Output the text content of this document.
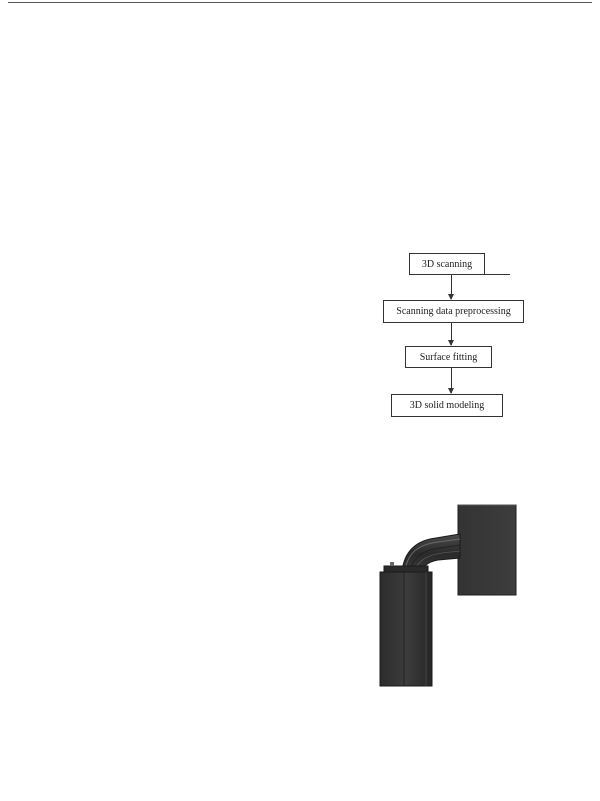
3D scanning
Scanning data preprocessing
Surface fitting
3D solid modeling
